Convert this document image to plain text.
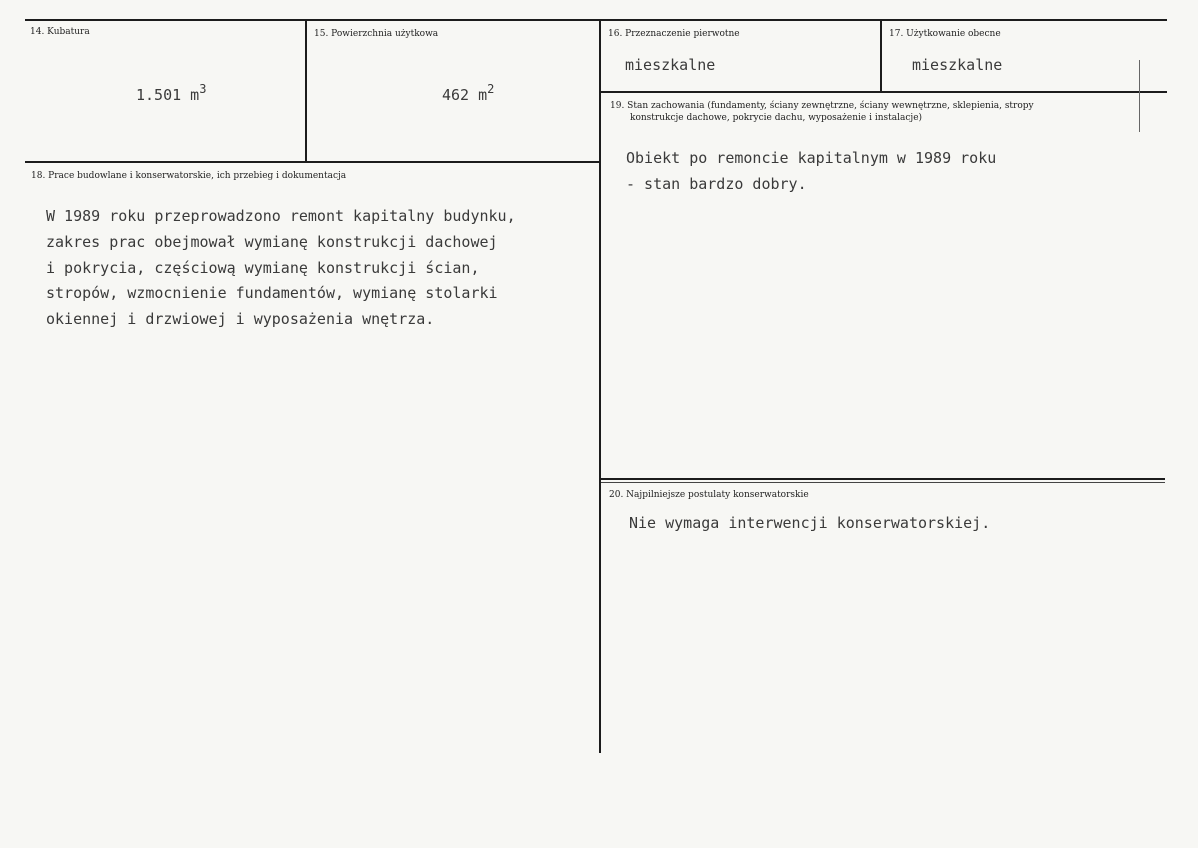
14. Kubatura
1.501 $m^3$
15. Powierzchnia użytkowa
462 $m^2$
16. Przeznaczenie pierwotne
mieszkalne
17. Użytkowanie obecne
mieszkalne
19. Stan zachowania (fundamenty, ściany zewnętrzne, ściany wewnętrzne, sklepienia, stropy
konstrukcje dachowe, pokrycie dachu, wyposażenie i instalacje)
Obiekt po remoncie kapitalnym w 1989 roku
- stan bardzo dobry.
18. Prace budowlane i konserwatorskie, ich przebieg i dokumentacja
W 1989 roku przeprowadzono remont kapitalny budynku,
zakres prac obejmował wymianę konstrukcji dachowej
i pokrycia, częściową wymianę konstrukcji ścian,
stropów, wzmocnienie fundamentów, wymianę stolarki
okiennej i drzwiowej i wyposażenia wnętrza.
20. Najpilniejsze postulaty konserwatorskie
Nie wymaga interwencji konserwatorskiej.
